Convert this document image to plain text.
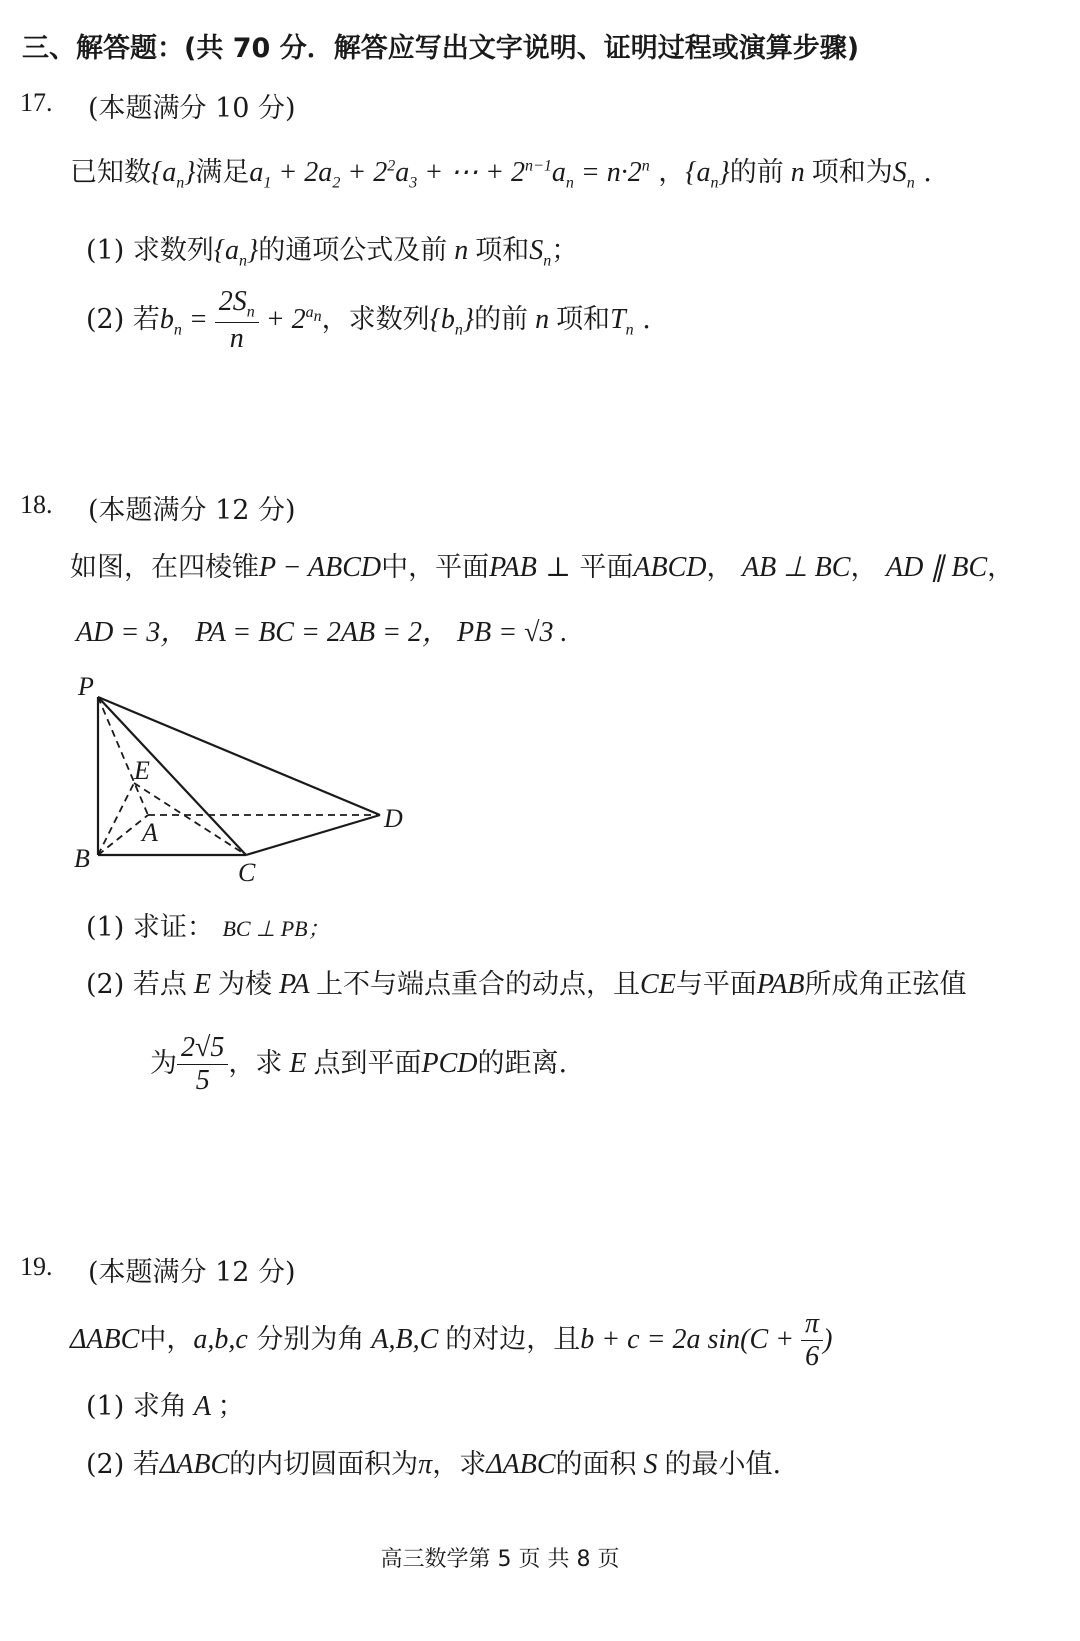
三、解答题：(共 70 分．解答应写出文字说明、证明过程或演算步骤)
17. (本题满分 10 分)
已知数$\{a_n\}$满足$a_1 + 2a_2 + 2^2a_3$ + ⋯ + $2^{n-1}a_n = n\cdot 2^n$ ，$\{a_n\}$的前 n 项和为$S_n$ .
(1) 求数列$\{a_n\}$的通项公式及前 n 项和$S_n$；
(2) 若$b_n = \frac{2S_n}{n} + 2^{a_n}$，求数列$\{b_n\}$的前 n 项和$T_n$ .
18. (本题满分 12 分)
如图，在四棱锥P − ABCD中，平面PAB ⊥ 平面ABCD， AB ⊥ BC， AD ∥ BC，
AD = 3， PA = BC = 2AB = 2， PB = √3 .
P
E
A
B	C
D
(1) 求证： BC ⊥ PB；
(2) 若点 E 为棱 PA 上不与端点重合的动点，且CE与平面PAB所成角正弦值
为 $\frac{2√5}{5}$ ，求 E 点到平面PCD的距离.
19. (本题满分 12 分)
ΔABC中，a,b,c 分别为角 A,B,C 的对边，且b + c = 2a $\sin(C + \frac{\pi}{6}$ )
(1) 求角 A ；
(2) 若ΔABC的内切圆面积为π，求ΔABC的面积 S 的最小值.
高三数学第 5 页 共 8 页
